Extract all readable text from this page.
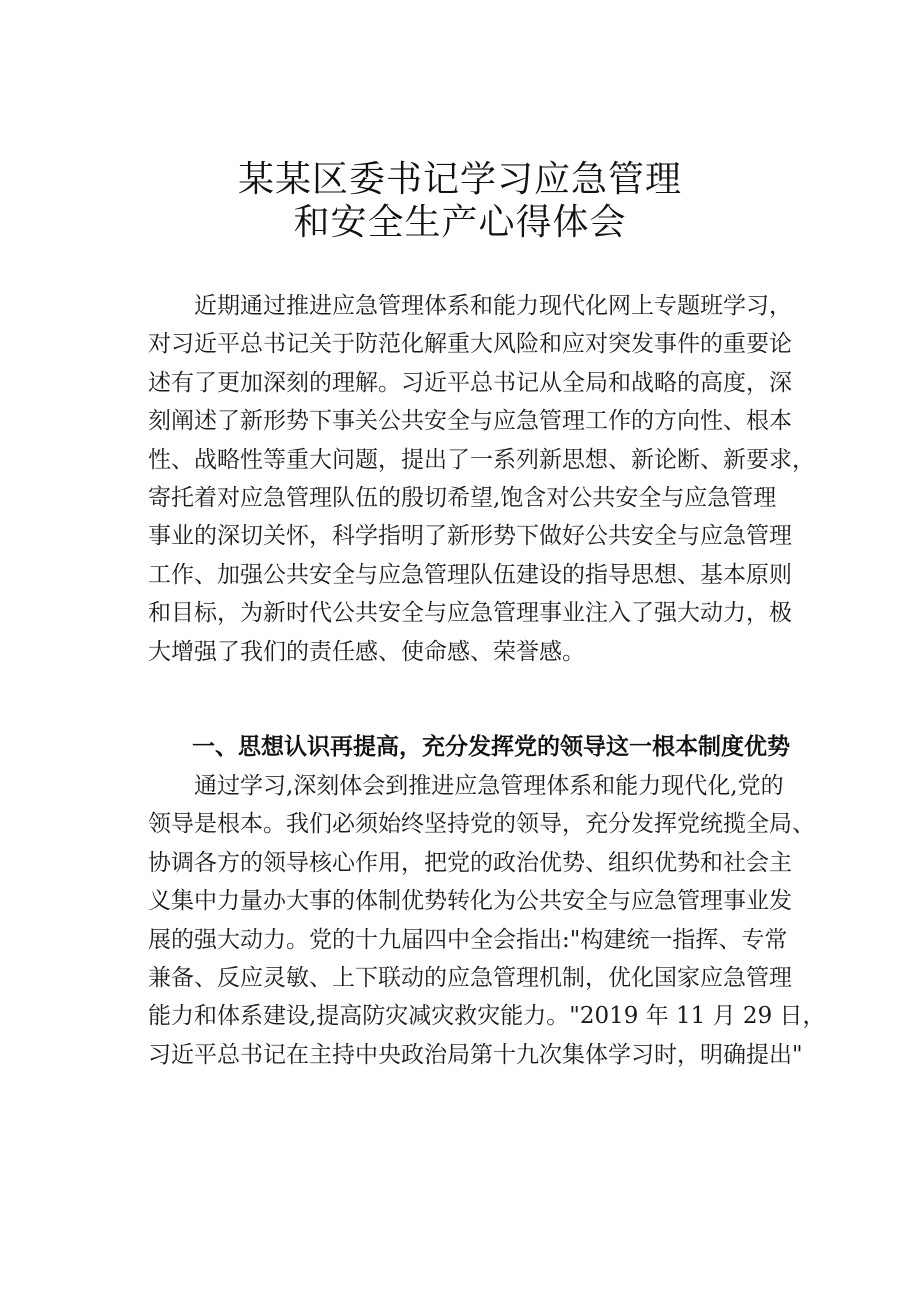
某某区委书记学习应急管理
和安全生产心得体会
近期通过推进应急管理体系和能力现代化网上专题班学习，
对习近平总书记关于防范化解重大风险和应对突发事件的重要论
述有了更加深刻的理解。习近平总书记从全局和战略的高度，深
刻阐述了新形势下事关公共安全与应急管理工作的方向性、根本
性、战略性等重大问题，提出了一系列新思想、新论断、新要求，
寄托着对应急管理队伍的殷切希望,饱含对公共安全与应急管理
事业的深切关怀，科学指明了新形势下做好公共安全与应急管理
工作、加强公共安全与应急管理队伍建设的指导思想、基本原则
和目标，为新时代公共安全与应急管理事业注入了强大动力，极
大增强了我们的责任感、使命感、荣誉感。
一、思想认识再提高，充分发挥党的领导这一根本制度优势
通过学习,深刻体会到推进应急管理体系和能力现代化,党的
领导是根本。我们必须始终坚持党的领导，充分发挥党统揽全局、
协调各方的领导核心作用，把党的政治优势、组织优势和社会主
义集中力量办大事的体制优势转化为公共安全与应急管理事业发
展的强大动力。党的十九届四中全会指出:"构建统一指挥、专常
兼备、反应灵敏、上下联动的应急管理机制，优化国家应急管理
能力和体系建设,提高防灾减灾救灾能力。"2019 年 11 月 29 日，
习近平总书记在主持中央政治局第十九次集体学习时，明确提出"
